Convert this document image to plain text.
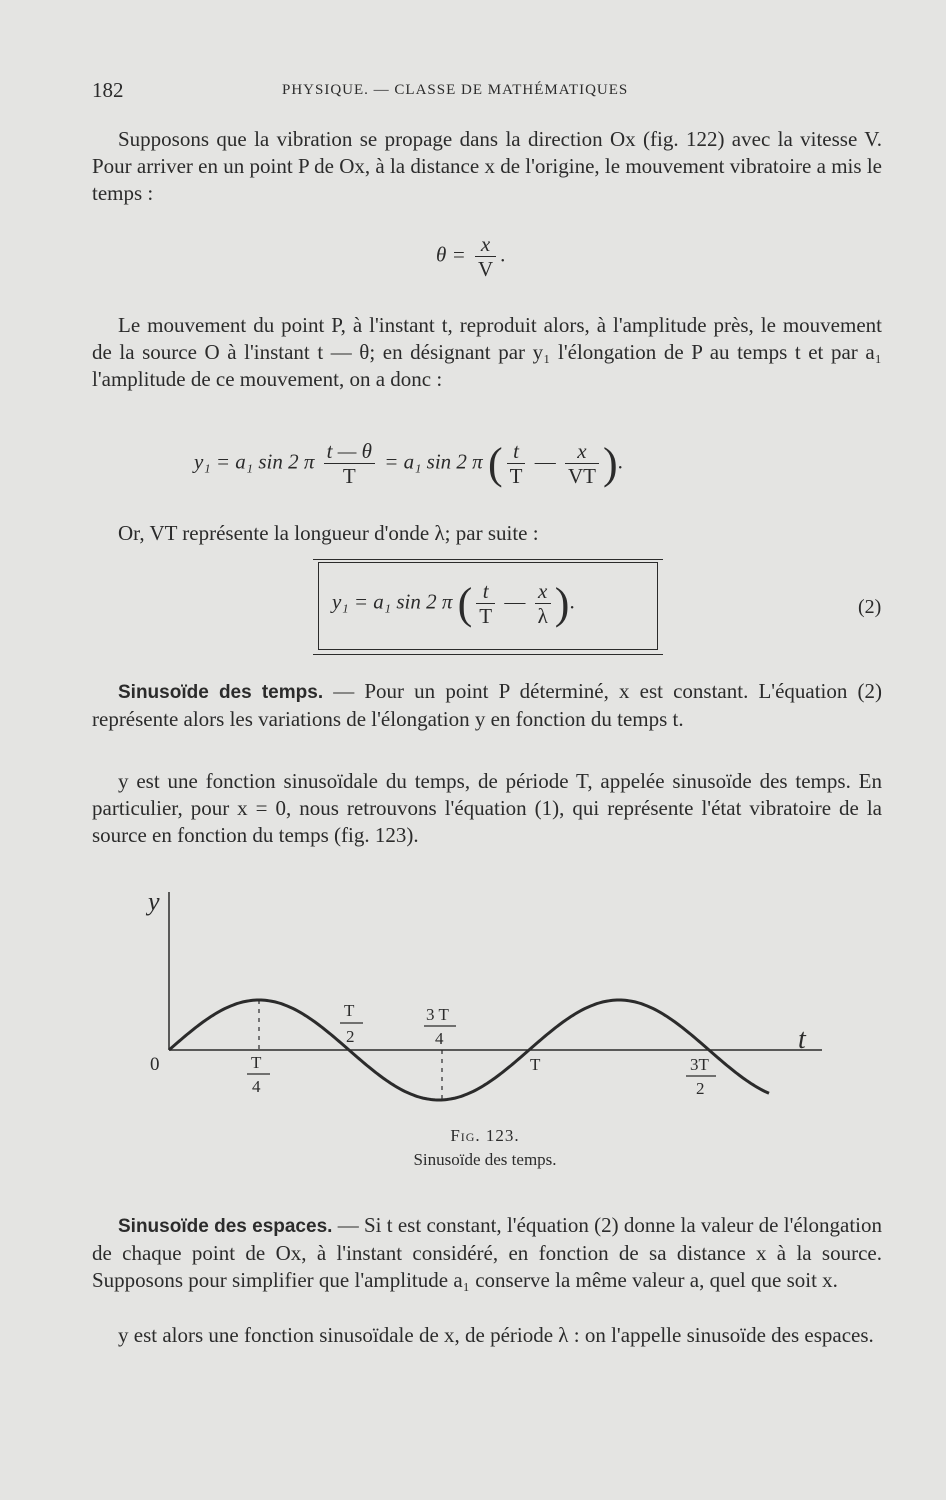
182	PHYSIQUE. — CLASSE DE MATHÉMATIQUES

Supposons que la vibration se propage dans la direction Ox (fig. 122) avec la vitesse V. Pour arriver en un point P de Ox, à la distance x de l'origine, le mouvement vibratoire a mis le temps :

$\theta = \frac{x}{V}$ .

Le mouvement du point P, à l'instant t, reproduit alors, à l'amplitude près, le mouvement de la source O à l'instant t — θ; en désignant par y₁ l'élongation de P au temps t et par a₁ l'amplitude de ce mouvement, on a donc :

y₁ = a₁ sin 2 π $\frac{t — \theta}{T} = a_1$ sin 2 π ( $\frac{t}{T}$ — $\frac{x}{VT}$ ).

Or, VT représente la longueur d'onde λ; par suite :

y₁ = a₁ sin 2 π ( $\frac{t}{T}$ — $\frac{x}{\lambda}$ ).	(2)

Sinusoïde des temps. — Pour un point P déterminé, x est constant. L'équation (2) représente alors les variations de l'élongation y en fonction du temps t.

y est une fonction sinusoïdale du temps, de période T, appelée sinusoïde des temps. En particulier, pour x = 0, nous retrouvons l'équation (1), qui représente l'état vibratoire de la source en fonction du temps (fig. 123).

y
t
0	T
4
T
2
3 T
4
T	3T
2
Fig. 123.
Sinusoïde des temps.

Sinusoïde des espaces. — Si t est constant, l'équation (2) donne la valeur de l'élongation de chaque point de Ox, à l'instant considéré, en fonction de sa distance x à la source. Supposons pour simplifier que l'amplitude a₁ conserve la même valeur a, quel que soit x.

y est alors une fonction sinusoïdale de x, de période λ : on l'appelle sinusoïde des espaces.
